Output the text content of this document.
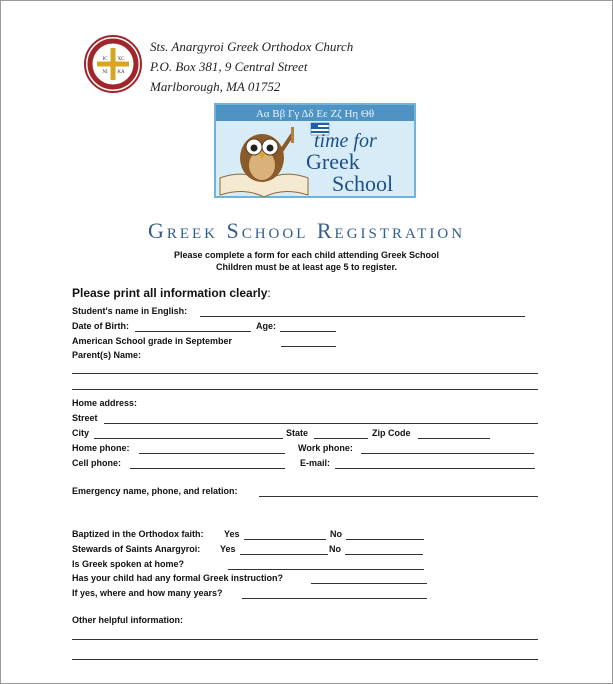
IC XC
NI KA
Sts. Anargyroi Greek Orthodox Church
P.O. Box 381, 9 Central Street
Marlborough, MA 01752
Αα Ββ Γγ Δδ Εε Ζζ Ηη Θθ
time for
Greek
School
Greek School Registration
Please complete a form for each child attending Greek School
Children must be at least age 5 to register.
Please print all information clearly:
Student's name in English:
Date of Birth:	Age:
American School grade in September
Parent(s) Name:
Home address:
Street
City	State	Zip Code
Home phone:	Work phone:
Cell phone:	E-mail:
Emergency name, phone, and relation:
Baptized in the Orthodox faith: Yes	No
Stewards of Saints Anargyroi: Yes	No
Is Greek spoken at home?
Has your child had any formal Greek instruction?
If yes, where and how many years?
Other helpful information:
